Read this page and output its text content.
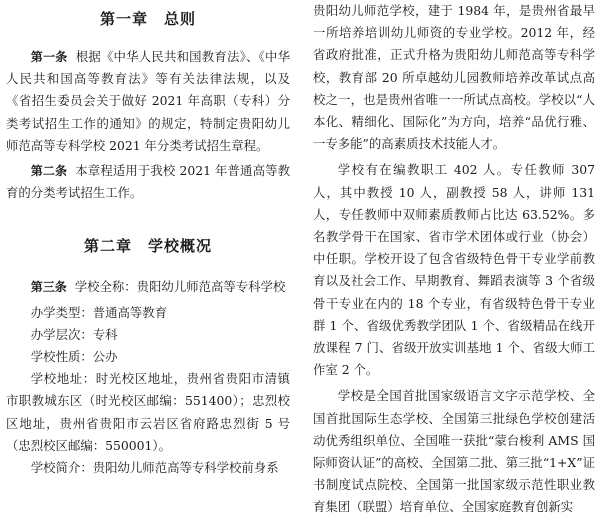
第一章 总则

第一条 根据《中华人民共和国教育法》、《中华人民共和国高等教育法》等有关法律法规，以及《省招生委员会关于做好 2021 年高职（专科）分类考试招生工作的通知》的规定，特制定贵阳幼儿师范高等专科学校 2021 年分类考试招生章程。

第二条 本章程适用于我校 2021 年普通高等教育的分类考试招生工作。

第二章 学校概况

第三条 学校全称：贵阳幼儿师范高等专科学校

办学类型：普通高等教育

办学层次：专科

学校性质：公办

学校地址：时光校区地址，贵州省贵阳市清镇市职教城东区（时光校区邮编：551400）；忠烈校区地址，贵州省贵阳市云岩区省府路忠烈街 5 号（忠烈校区邮编：550001）。

学校简介：贵阳幼儿师范高等专科学校前身系

贵阳幼儿师范学校，建于 1984 年，是贵州省最早一所培养培训幼儿师资的专业学校。2012 年，经省政府批准，正式升格为贵阳幼儿师范高等专科学校，教育部 20 所卓越幼儿园教师培养改革试点高校之一，也是贵州省唯一一所试点高校。学校以“人本化、精细化、国际化”为方向，培养“品优行雅、一专多能”的高素质技术技能人才。

学校有在编教职工 402 人。专任教师 307 人，其中教授 10 人，副教授 58 人，讲师 131 人，专任教师中双师素质教师占比达 63.52%。多名教学骨干在国家、省市学术团体或行业（协会）中任职。学校开设了包含省级特色骨干专业学前教育以及社会工作、早期教育、舞蹈表演等 3 个省级骨干专业在内的 18 个专业，有省级特色骨干专业群 1 个、省级优秀教学团队 1 个、省级精品在线开放课程 7 门、省级开放实训基地 1 个、省级大师工作室 2 个。

学校是全国首批国家级语言文字示范学校、全国首批国际生态学校、全国第三批绿色学校创建活动优秀组织单位、全国唯一获批“蒙台梭利 AMS 国际师资认证”的高校、全国第二批、第三批“1+X”证书制度试点院校、全国第一批国家级示范性职业教育集团（联盟）培育单位、全国家庭教育创新实
